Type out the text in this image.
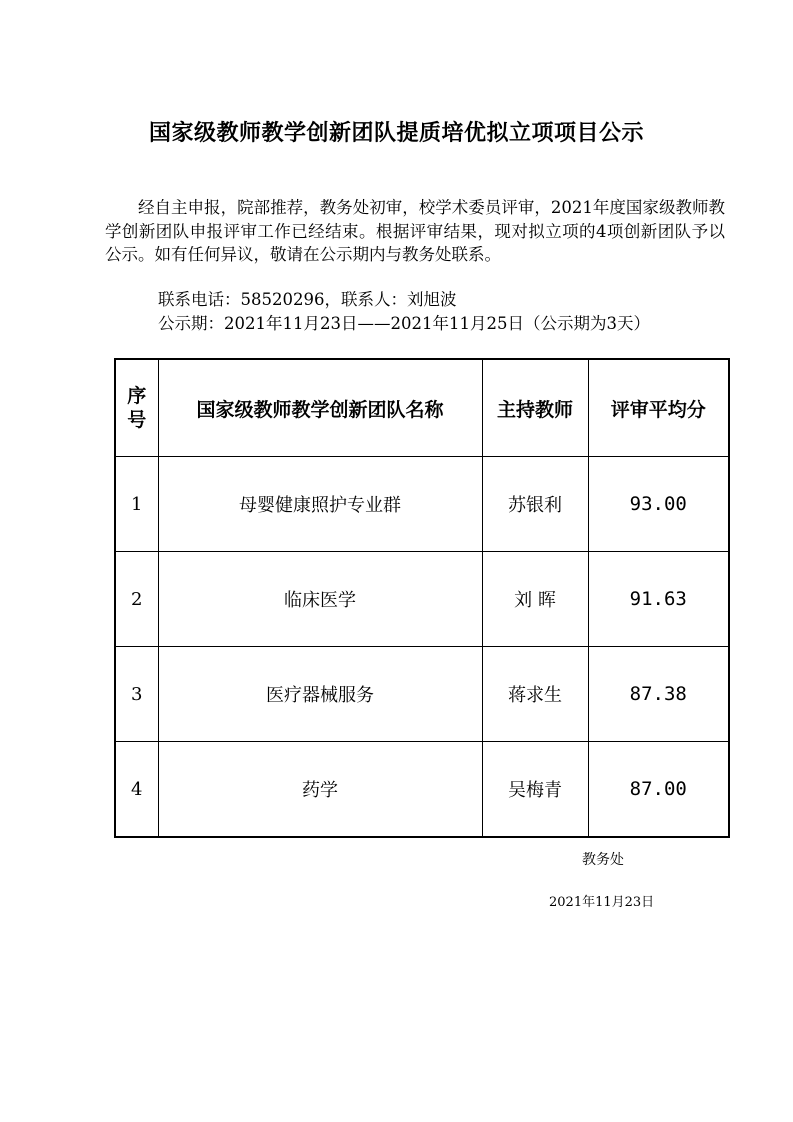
国家级教师教学创新团队提质培优拟立项项目公示
经自主申报，院部推荐，教务处初审，校学术委员评审，2021年度国家级教师教学创新团队申报评审工作已经结束。根据评审结果，现对拟立项的4项创新团队予以公示。如有任何异议，敬请在公示期内与教务处联系。
联系电话：58520296，联系人：刘旭波
公示期：2021年11月23日——2021年11月25日（公示期为3天）
序号	国家级教师教学创新团队名称	主持教师	评审平均分
1	母婴健康照护专业群	苏银利	93.00
2	临床医学	刘 晖	91.63
3	医疗器械服务	蒋求生	87.38
4	药学	吴梅青	87.00
教务处
2021年11月23日
